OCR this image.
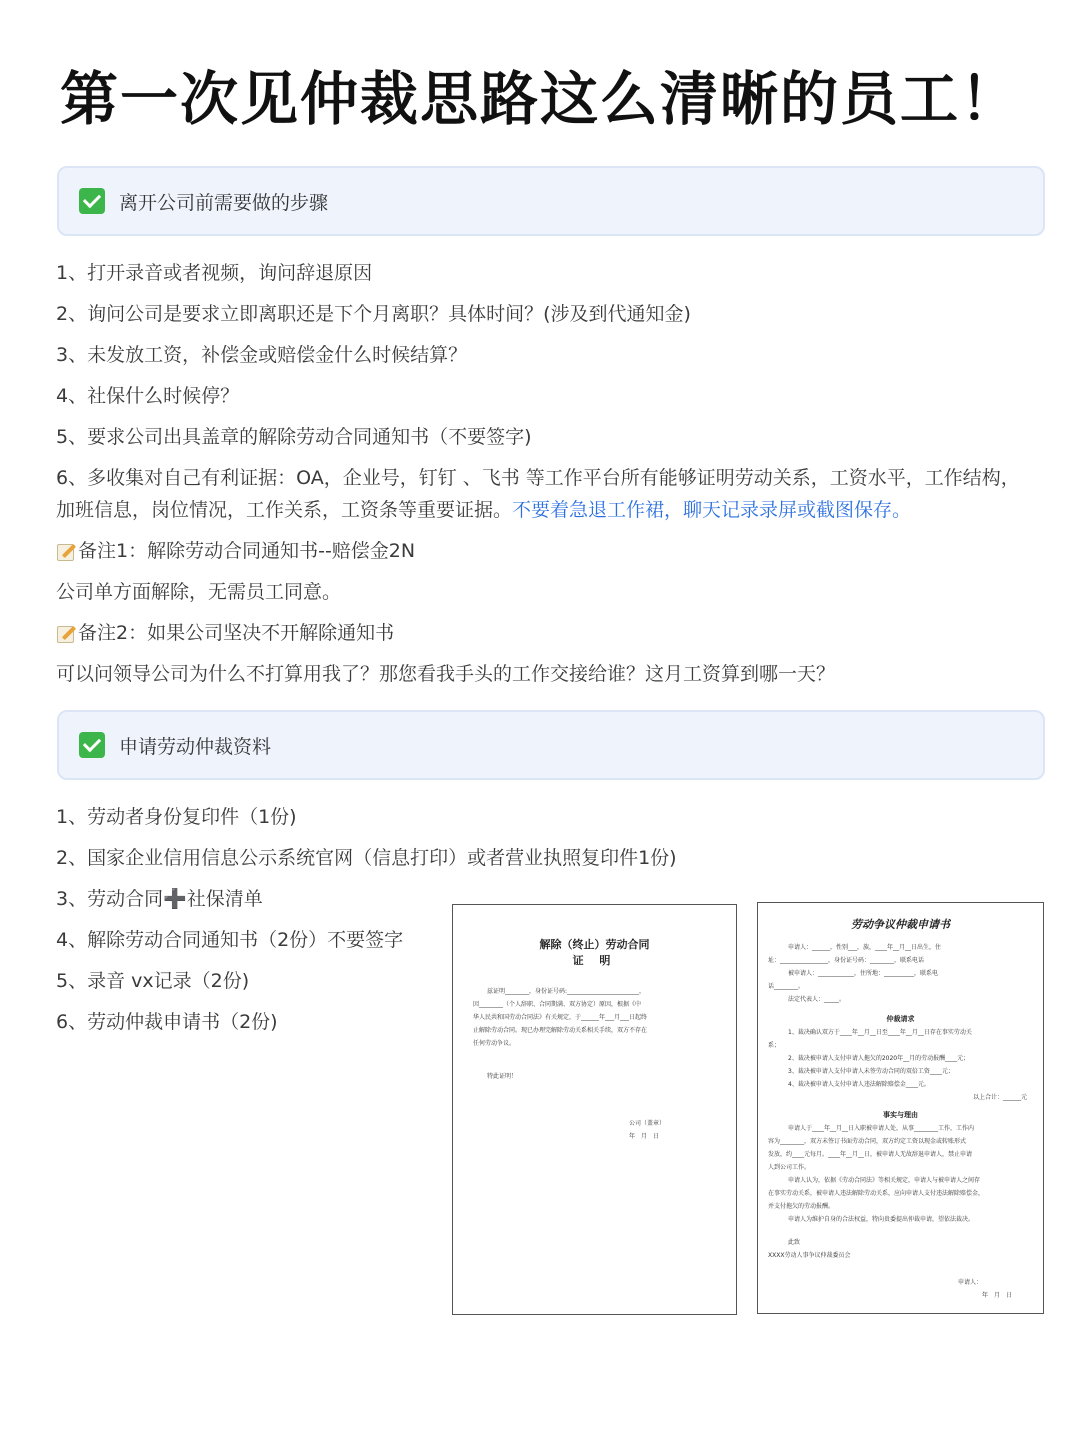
第一次见仲裁思路这么清晰的员工！
离开公司前需要做的步骤
1、打开录音或者视频，询问辞退原因
2、询问公司是要求立即离职还是下个月离职？具体时间？(涉及到代通知金)
3、未发放工资，补偿金或赔偿金什么时候结算？
4、社保什么时候停？
5、要求公司出具盖章的解除劳动合同通知书（不要签字)
6、多收集对自己有利证据：OA，企业号，钉钉 、飞书 等工作平台所有能够证明劳动关系，工资水平，工作结构，加班信息，岗位情况，工作关系，工资条等重要证据。不要着急退工作裙，聊天记录录屏或截图保存。
备注1：解除劳动合同通知书--赔偿金2N
公司单方面解除，无需员工同意。
备注2：如果公司坚决不开解除通知书
可以问领导公司为什么不打算用我了？那您看我手头的工作交接给谁？这月工资算到哪一天？
申请劳动仲裁资料
1、劳动者身份复印件（1份)
2、国家企业信用信息公示系统官网（信息打印）或者营业执照复印件1份)
3、劳动合同➕社保清单
4、解除劳动合同通知书（2份）不要签字
5、录音 vx记录（2份)
6、劳动仲裁申请书（2份)
解除（终止）劳动合同
证 明
兹证明________，身份证号码:________________________，
因________（个人辞职、合同期满、双方协定）原因，根据《中
华人民共和国劳动合同法》有关规定，于______年___月___日起终
止解除劳动合同。现已办理完解除劳动关系相关手续，双方不存在
任何劳动争议。
特此证明！
公司（盖章）
年　月　日
劳动争议仲裁申请书
申请人：______，性别___，族，____年__月__日出生，住
址：________________，身份证号码：________，联系电话
被申请人：____________，住所地：__________，联系电
话________。
法定代表人：_____。
仲裁请求
1、裁决确认双方于____年__月__日至____年__月__日存在事实劳动关
系；
2、裁决被申请人支付申请人拖欠的2020年__月的劳动报酬____元；
3、裁决被申请人支付申请人未签劳动合同的双倍工资____元；
4、裁决被申请人支付申请人违法解除赔偿金____元。
以上合计：______元
事实与理由
申请人于____年__月__日入职被申请人处，从事________工作，工作内
容为________，双方未签订书面劳动合同，双方约定工资以现金或转账形式
发放，约____元每月。____年__月__日，被申请人无故辞退申请人，禁止申请
人到公司工作。
申请人认为，依据《劳动合同法》等相关规定，申请人与被申请人之间存
在事实劳动关系，被申请人违法解除劳动关系，应向申请人支付违法解除赔偿金，
并支付拖欠的劳动报酬。
申请人为维护自身的合法权益，特向贵委提出仲裁申请，望依法裁决。
此致
XXXX劳动人事争议仲裁委员会
申请人：
年　月　日
